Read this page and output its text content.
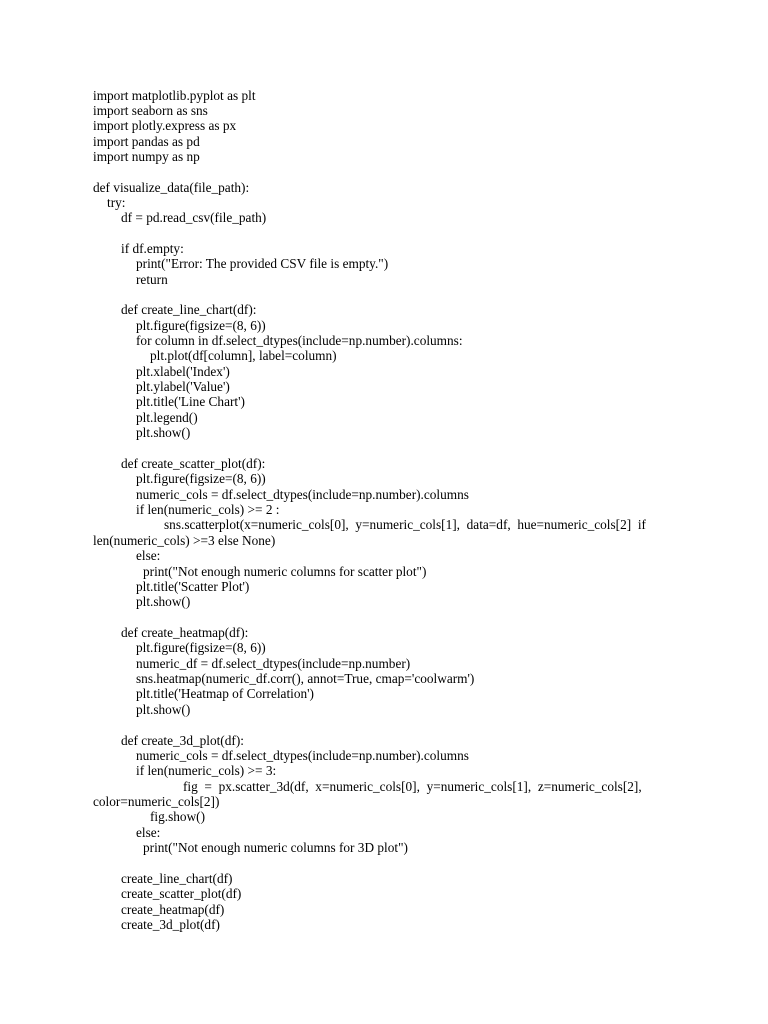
import matplotlib.pyplot as plt
import seaborn as sns
import plotly.express as px
import pandas as pd
import numpy as np
def visualize_data(file_path):
try:
df = pd.read_csv(file_path)
if df.empty:
print("Error: The provided CSV file is empty.")
return
def create_line_chart(df):
plt.figure(figsize=(8, 6))
for column in df.select_dtypes(include=np.number).columns:
plt.plot(df[column], label=column)
plt.xlabel('Index')
plt.ylabel('Value')
plt.title('Line Chart')
plt.legend()
plt.show()
def create_scatter_plot(df):
plt.figure(figsize=(8, 6))
numeric_cols = df.select_dtypes(include=np.number).columns
if len(numeric_cols) >= 2 :
sns.scatterplot(x=numeric_cols[0],  y=numeric_cols[1],  data=df,  hue=numeric_cols[2]  if
len(numeric_cols) >=3 else None)
else:
print("Not enough numeric columns for scatter plot")
plt.title('Scatter Plot')
plt.show()
def create_heatmap(df):
plt.figure(figsize=(8, 6))
numeric_df = df.select_dtypes(include=np.number)
sns.heatmap(numeric_df.corr(), annot=True, cmap='coolwarm')
plt.title('Heatmap of Correlation')
plt.show()
def create_3d_plot(df):
numeric_cols = df.select_dtypes(include=np.number).columns
if len(numeric_cols) >= 3:
fig  =  px.scatter_3d(df,  x=numeric_cols[0],  y=numeric_cols[1],  z=numeric_cols[2],
color=numeric_cols[2])
fig.show()
else:
print("Not enough numeric columns for 3D plot")
create_line_chart(df)
create_scatter_plot(df)
create_heatmap(df)
create_3d_plot(df)
